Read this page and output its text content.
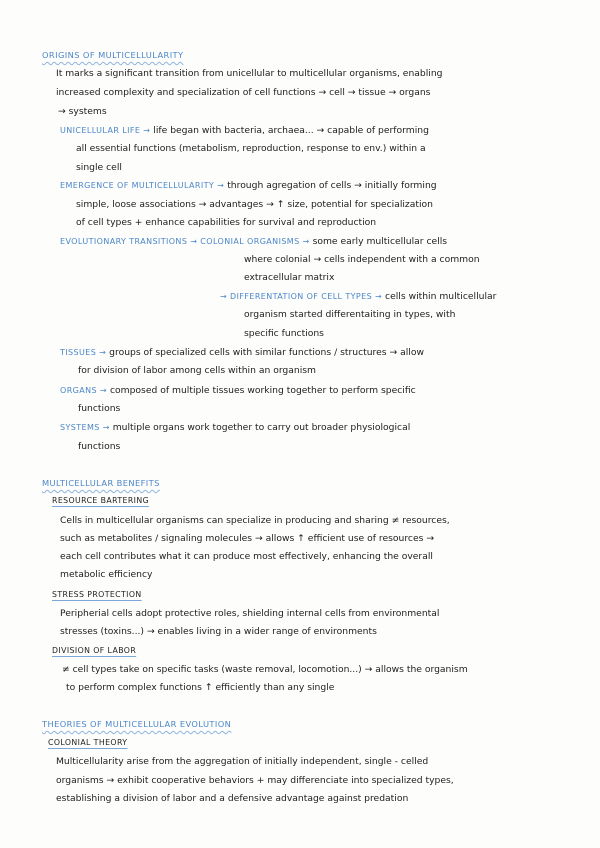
ORIGINS OF MULTICELLULARITY
It marks a significant transition from unicellular to multicellular organisms, enabling
increased complexity and specialization of cell functions → cell → tissue → organs
→ systems
UNICELLULAR LIFE → life began with bacteria, archaea... → capable of performing
all essential functions (metabolism, reproduction, response to env.) within a
single cell
EMERGENCE OF MULTICELLULARITY → through agregation of cells → initially forming
simple, loose associations → advantages → ↑ size, potential for specialization
of cell types + enhance capabilities for survival and reproduction
EVOLUTIONARY TRANSITIONS → COLONIAL ORGANISMS → some early multicellular cells
where colonial → cells independent with a common
extracellular matrix
→ DIFFERENTATION OF CELL TYPES → cells within multicellular
organism started differentaiting in types, with
specific functions
TISSUES → groups of specialized cells with similar functions / structures → allow
for division of labor among cells within an organism
ORGANS → composed of multiple tissues working together to perform specific
functions
SYSTEMS → multiple organs work together to carry out broader physiological
functions
MULTICELLULAR BENEFITS
RESOURCE BARTERING
Cells in multicellular organisms can specialize in producing and sharing ≠ resources,
such as metabolites / signaling molecules → allows ↑ efficient use of resources →
each cell contributes what it can produce most effectively, enhancing the overall
metabolic efficiency
STRESS PROTECTION
Peripherial cells adopt protective roles, shielding internal cells from environmental
stresses (toxins...) → enables living in a wider range of environments
DIVISION OF LABOR
≠ cell types take on specific tasks (waste removal, locomotion...) → allows the organism
to perform complex functions ↑ efficiently than any single
THEORIES OF MULTICELLULAR EVOLUTION
COLONIAL THEORY
Multicellularity arise from the aggregation of initially independent, single - celled
organisms → exhibit cooperative behaviors + may differenciate into specialized types,
establishing a division of labor and a defensive advantage against predation
